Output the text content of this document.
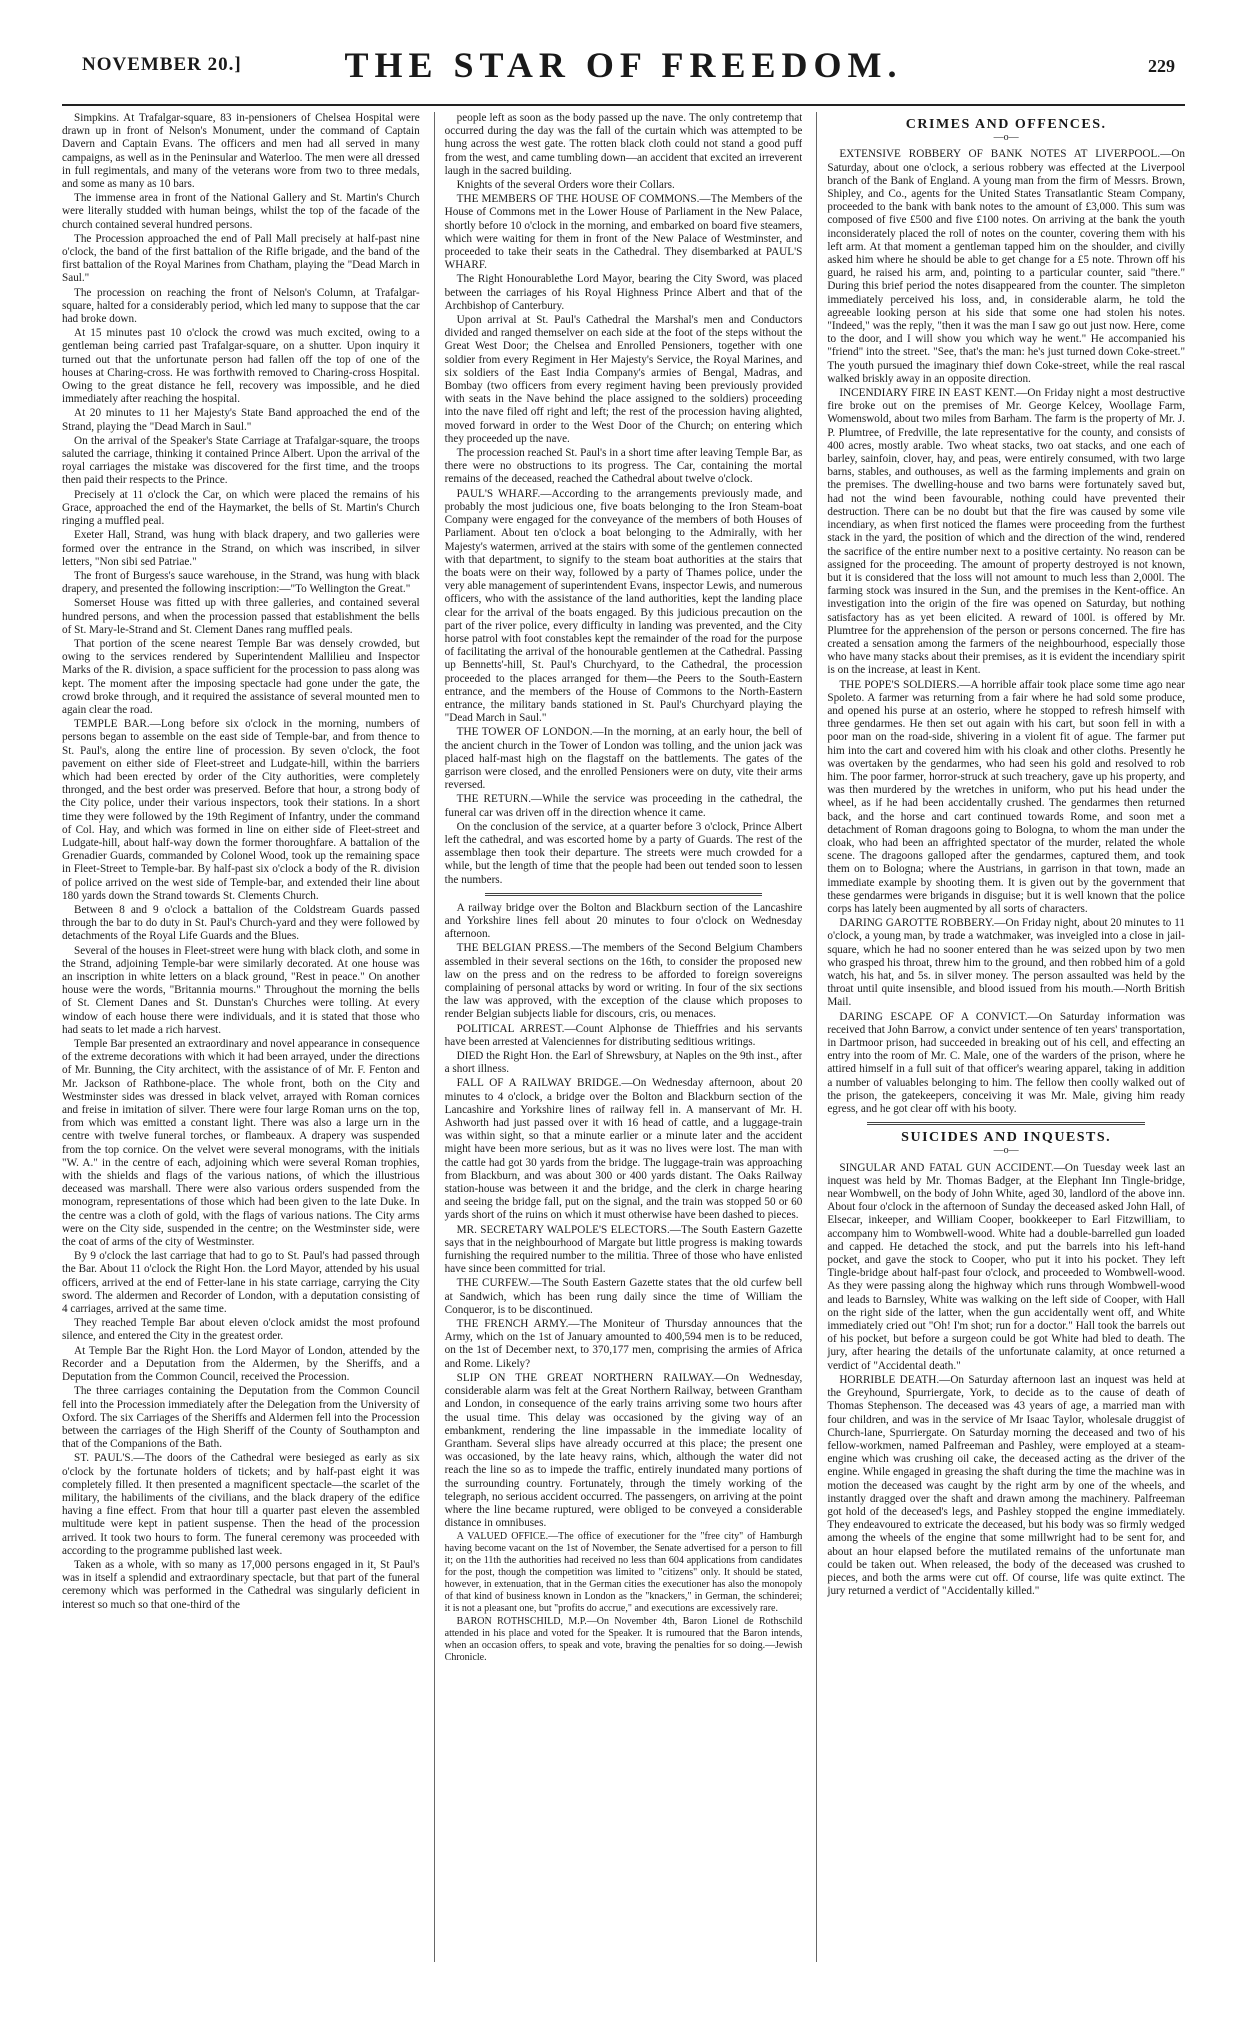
NOVEMBER 20.]	THE STAR OF FREEDOM.	229

Simpkins. At Trafalgar-square, 83 in-pensioners of Chelsea Hospital were drawn up in front of Nelson's Monument, under the command of Captain Davern and Captain Evans. The officers and men had all served in many campaigns, as well as in the Peninsular and Waterloo. The men were all dressed in full regimentals, and many of the veterans wore from two to three medals, and some as many as 10 bars.

The immense area in front of the National Gallery and St. Martin's Church were literally studded with human beings, whilst the top of the facade of the church contained several hundred persons.

The Procession approached the end of Pall Mall precisely at half-past nine o'clock, the band of the first battalion of the Rifle brigade, and the band of the first battalion of the Royal Marines from Chatham, playing the "Dead March in Saul."

The procession on reaching the front of Nelson's Column, at Trafalgar-square, halted for a considerably period, which led many to suppose that the car had broke down.

At 15 minutes past 10 o'clock the crowd was much excited, owing to a gentleman being carried past Trafalgar-square, on a shutter. Upon inquiry it turned out that the unfortunate person had fallen off the top of one of the houses at Charing-cross. He was forthwith removed to Charing-cross Hospital. Owing to the great distance he fell, recovery was impossible, and he died immediately after reaching the hospital.

At 20 minutes to 11 her Majesty's State Band approached the end of the Strand, playing the "Dead March in Saul."

On the arrival of the Speaker's State Carriage at Trafalgar-square, the troops saluted the carriage, thinking it contained Prince Albert. Upon the arrival of the royal carriages the mistake was discovered for the first time, and the troops then paid their respects to the Prince.

Precisely at 11 o'clock the Car, on which were placed the remains of his Grace, approached the end of the Haymarket, the bells of St. Martin's Church ringing a muffled peal.

Exeter Hall, Strand, was hung with black drapery, and two galleries were formed over the entrance in the Strand, on which was inscribed, in silver letters, "Non sibi sed Patriae."

The front of Burgess's sauce warehouse, in the Strand, was hung with black drapery, and presented the following inscription:—"To Wellington the Great."

Somerset House was fitted up with three galleries, and contained several hundred persons, and when the procession passed that establishment the bells of St. Mary-le-Strand and St. Clement Danes rang muffled peals.

That portion of the scene nearest Temple Bar was densely crowded, but owing to the services rendered by Superintendent Mallilieu and Inspector Marks of the R. division, a space sufficient for the procession to pass along was kept. The moment after the imposing spectacle had gone under the gate, the crowd broke through, and it required the assistance of several mounted men to again clear the road.

TEMPLE BAR.—Long before six o'clock in the morning, numbers of persons began to assemble on the east side of Temple-bar, and from thence to St. Paul's, along the entire line of procession. By seven o'clock, the foot pavement on either side of Fleet-street and Ludgate-hill, within the barriers which had been erected by order of the City authorities, were completely thronged, and the best order was preserved. Before that hour, a strong body of the City police, under their various inspectors, took their stations. In a short time they were followed by the 19th Regiment of Infantry, under the command of Col. Hay, and which was formed in line on either side of Fleet-street and Ludgate-hill, about half-way down the former thoroughfare. A battalion of the Grenadier Guards, commanded by Colonel Wood, took up the remaining space in Fleet-Street to Temple-bar. By half-past six o'clock a body of the R. division of police arrived on the west side of Temple-bar, and extended their line about 180 yards down the Strand towards St. Clements Church.

Between 8 and 9 o'clock a battalion of the Coldstream Guards passed through the bar to do duty in St. Paul's Church-yard and they were followed by detachments of the Royal Life Guards and the Blues.

Several of the houses in Fleet-street were hung with black cloth, and some in the Strand, adjoining Temple-bar were similarly decorated. At one house was an inscription in white letters on a black ground, "Rest in peace." On another house were the words, "Britannia mourns." Throughout the morning the bells of St. Clement Danes and St. Dunstan's Churches were tolling. At every window of each house there were individuals, and it is stated that those who had seats to let made a rich harvest.

Temple Bar presented an extraordinary and novel appearance in consequence of the extreme decorations with which it had been arrayed, under the directions of Mr. Bunning, the City architect, with the assistance of of Mr. F. Fenton and Mr. Jackson of Rathbone-place. The whole front, both on the City and Westminster sides was dressed in black velvet, arrayed with Roman cornices and freise in imitation of silver. There were four large Roman urns on the top, from which was emitted a constant light. There was also a large urn in the centre with twelve funeral torches, or flambeaux. A drapery was suspended from the top cornice. On the velvet were several monograms, with the initials "W. A." in the centre of each, adjoining which were several Roman trophies, with the shields and flags of the various nations, of which the illustrious deceased was marshall. There were also various orders suspended from the monogram, representations of those which had been given to the late Duke. In the centre was a cloth of gold, with the flags of various nations. The City arms were on the City side, suspended in the centre; on the Westminster side, were the coat of arms of the city of Westminster.

By 9 o'clock the last carriage that had to go to St. Paul's had passed through the Bar. About 11 o'clock the Right Hon. the Lord Mayor, attended by his usual officers, arrived at the end of Fetter-lane in his state carriage, carrying the City sword. The aldermen and Recorder of London, with a deputation consisting of 4 carriages, arrived at the same time.

They reached Temple Bar about eleven o'clock amidst the most profound silence, and entered the City in the greatest order.

At Temple Bar the Right Hon. the Lord Mayor of London, attended by the Recorder and a Deputation from the Aldermen, by the Sheriffs, and a Deputation from the Common Council, received the Procession.

The three carriages containing the Deputation from the Common Council fell into the Procession immediately after the Delegation from the University of Oxford. The six Carriages of the Sheriffs and Aldermen fell into the Procession between the carriages of the High Sheriff of the County of Southampton and that of the Companions of the Bath.

ST. PAUL'S.—The doors of the Cathedral were besieged as early as six o'clock by the fortunate holders of tickets; and by half-past eight it was completely filled. It then presented a magnificent spectacle—the scarlet of the military, the habiliments of the civilians, and the black drapery of the edifice having a fine effect. From that hour till a quarter past eleven the assembled multitude were kept in patient suspense. Then the head of the procession arrived. It took two hours to form. The funeral ceremony was proceeded with according to the programme published last week.

Taken as a whole, with so many as 17,000 persons engaged in it, St Paul's was in itself a splendid and extraordinary spectacle, but that part of the funeral ceremony which was performed in the Cathedral was singularly deficient in interest so much so that one-third of the

people left as soon as the body passed up the nave. The only contretemp that occurred during the day was the fall of the curtain which was attempted to be hung across the west gate. The rotten black cloth could not stand a good puff from the west, and came tumbling down—an accident that excited an irreverent laugh in the sacred building.

Knights of the several Orders wore their Collars.

THE MEMBERS OF THE HOUSE OF COMMONS.—The Members of the House of Commons met in the Lower House of Parliament in the New Palace, shortly before 10 o'clock in the morning, and embarked on board five steamers, which were waiting for them in front of the New Palace of Westminster, and proceeded to take their seats in the Cathedral. They disembarked at PAUL'S WHARF.

The Right Honourablethe Lord Mayor, bearing the City Sword, was placed between the carriages of his Royal Highness Prince Albert and that of the Archbishop of Canterbury.

Upon arrival at St. Paul's Cathedral the Marshal's men and Conductors divided and ranged themselver on each side at the foot of the steps without the Great West Door; the Chelsea and Enrolled Pensioners, together with one soldier from every Regiment in Her Majesty's Service, the Royal Marines, and six soldiers of the East India Company's armies of Bengal, Madras, and Bombay (two officers from every regiment having been previously provided with seats in the Nave behind the place assigned to the soldiers) proceeding into the nave filed off right and left; the rest of the procession having alighted, moved forward in order to the West Door of the Church; on entering which they proceeded up the nave.

The procession reached St. Paul's in a short time after leaving Temple Bar, as there were no obstructions to its progress. The Car, containing the mortal remains of the deceased, reached the Cathedral about twelve o'clock.

PAUL'S WHARF.—According to the arrangements previously made, and probably the most judicious one, five boats belonging to the Iron Steam-boat Company were engaged for the conveyance of the members of both Houses of Parliament. About ten o'clock a boat belonging to the Admirally, with her Majesty's watermen, arrived at the stairs with some of the gentlemen connected with that department, to signify to the steam boat authorities at the stairs that the boats were on their way, followed by a party of Thames police, under the very able management of superintendent Evans, inspector Lewis, and numerous officers, who with the assistance of the land authorities, kept the landing place clear for the arrival of the boats engaged. By this judicious precaution on the part of the river police, every difficulty in landing was prevented, and the City horse patrol with foot constables kept the remainder of the road for the purpose of facilitating the arrival of the honourable gentlemen at the Cathedral. Passing up Bennetts'-hill, St. Paul's Churchyard, to the Cathedral, the procession proceeded to the places arranged for them—the Peers to the South-Eastern entrance, and the members of the House of Commons to the North-Eastern entrance, the military bands stationed in St. Paul's Churchyard playing the "Dead March in Saul."

THE TOWER OF LONDON.—In the morning, at an early hour, the bell of the ancient church in the Tower of London was tolling, and the union jack was placed half-mast high on the flagstaff on the battlements. The gates of the garrison were closed, and the enrolled Pensioners were on duty, vite their arms reversed.

THE RETURN.—While the service was proceeding in the cathedral, the funeral car was driven off in the direction whence it came.

On the conclusion of the service, at a quarter before 3 o'clock, Prince Albert left the cathedral, and was escorted home by a party of Guards. The rest of the assemblage then took their departure. The streets were much crowded for a while, but the length of time that the people had been out tended soon to lessen the numbers.

A railway bridge over the Bolton and Blackburn section of the Lancashire and Yorkshire lines fell about 20 minutes to four o'clock on Wednesday afternoon.

THE BELGIAN PRESS.—The members of the Second Belgium Chambers assembled in their several sections on the 16th, to consider the proposed new law on the press and on the redress to be afforded to foreign sovereigns complaining of personal attacks by word or writing. In four of the six sections the law was approved, with the exception of the clause which proposes to render Belgian subjects liable for discours, cris, ou menaces.

POLITICAL ARREST.—Count Alphonse de Thieffries and his servants have been arrested at Valenciennes for distributing seditious writings.

DIED the Right Hon. the Earl of Shrewsbury, at Naples on the 9th inst., after a short illness.

FALL OF A RAILWAY BRIDGE.—On Wednesday afternoon, about 20 minutes to 4 o'clock, a bridge over the Bolton and Blackburn section of the Lancashire and Yorkshire lines of railway fell in. A manservant of Mr. H. Ashworth had just passed over it with 16 head of cattle, and a luggage-train was within sight, so that a minute earlier or a minute later and the accident might have been more serious, but as it was no lives were lost. The man with the cattle had got 30 yards from the bridge. The luggage-train was approaching from Blackburn, and was about 300 or 400 yards distant. The Oaks Railway station-house was between it and the bridge, and the clerk in charge hearing and seeing the bridge fall, put on the signal, and the train was stopped 50 or 60 yards short of the ruins on which it must otherwise have been dashed to pieces.

MR. SECRETARY WALPOLE'S ELECTORS.—The South Eastern Gazette says that in the neighbourhood of Margate but little progress is making towards furnishing the required number to the militia. Three of those who have enlisted have since been committed for trial.

THE CURFEW.—The South Eastern Gazette states that the old curfew bell at Sandwich, which has been rung daily since the time of William the Conqueror, is to be discontinued.

THE FRENCH ARMY.—The Moniteur of Thursday announces that the Army, which on the 1st of January amounted to 400,594 men is to be reduced, on the 1st of December next, to 370,177 men, comprising the armies of Africa and Rome. Likely?

SLIP ON THE GREAT NORTHERN RAILWAY.—On Wednesday, considerable alarm was felt at the Great Northern Railway, between Grantham and London, in consequence of the early trains arriving some two hours after the usual time. This delay was occasioned by the giving way of an embankment, rendering the line impassable in the immediate locality of Grantham. Several slips have already occurred at this place; the present one was occasioned, by the late heavy rains, which, although the water did not reach the line so as to impede the traffic, entirely inundated many portions of the surrounding country. Fortunately, through the timely working of the telegraph, no serious accident occurred. The passengers, on arriving at the point where the line became ruptured, were obliged to be conveyed a considerable distance in omnibuses.

A VALUED OFFICE.—The office of executioner for the "free city" of Hamburgh having become vacant on the 1st of November, the Senate advertised for a person to fill it; on the 11th the authorities had received no less than 604 applications from candidates for the post, though the competition was limited to "citizens" only. It should be stated, however, in extenuation, that in the German cities the executioner has also the monopoly of that kind of business known in London as the "knackers," in German, the schinderei; it is not a pleasant one, but "profits do accrue," and executions are excessively rare.

BARON ROTHSCHILD, M.P.—On November 4th, Baron Lionel de Rothschild attended in his place and voted for the Speaker. It is rumoured that the Baron intends, when an occasion offers, to speak and vote, braving the penalties for so doing.—Jewish Chronicle.

CRIMES AND OFFENCES.
—o—

EXTENSIVE ROBBERY OF BANK NOTES AT LIVERPOOL.—On Saturday, about one o'clock, a serious robbery was effected at the Liverpool branch of the Bank of England. A young man from the firm of Messrs. Brown, Shipley, and Co., agents for the United States Transatlantic Steam Company, proceeded to the bank with bank notes to the amount of £3,000. This sum was composed of five £500 and five £100 notes. On arriving at the bank the youth inconsiderately placed the roll of notes on the counter, covering them with his left arm. At that moment a gentleman tapped him on the shoulder, and civilly asked him where he should be able to get change for a £5 note. Thrown off his guard, he raised his arm, and, pointing to a particular counter, said "there." During this brief period the notes disappeared from the counter. The simpleton immediately perceived his loss, and, in considerable alarm, he told the agreeable looking person at his side that some one had stolen his notes. "Indeed," was the reply, "then it was the man I saw go out just now. Here, come to the door, and I will show you which way he went." He accompanied his "friend" into the street. "See, that's the man: he's just turned down Coke-street." The youth pursued the imaginary thief down Coke-street, while the real rascal walked briskly away in an opposite direction.

INCENDIARY FIRE IN EAST KENT.—On Friday night a most destructive fire broke out on the premises of Mr. George Kelcey, Woollage Farm, Womenswold, about two miles from Barham. The farm is the property of Mr. J. P. Plumtree, of Fredville, the late representative for the county, and consists of 400 acres, mostly arable. Two wheat stacks, two oat stacks, and one each of barley, sainfoin, clover, hay, and peas, were entirely consumed, with two large barns, stables, and outhouses, as well as the farming implements and grain on the premises. The dwelling-house and two barns were fortunately saved but, had not the wind been favourable, nothing could have prevented their destruction. There can be no doubt but that the fire was caused by some vile incendiary, as when first noticed the flames were proceeding from the furthest stack in the yard, the position of which and the direction of the wind, rendered the sacrifice of the entire number next to a positive certainty. No reason can be assigned for the proceeding. The amount of property destroyed is not known, but it is considered that the loss will not amount to much less than 2,000l. The farming stock was insured in the Sun, and the premises in the Kent-office. An investigation into the origin of the fire was opened on Saturday, but nothing satisfactory has as yet been elicited. A reward of 100l. is offered by Mr. Plumtree for the apprehension of the person or persons concerned. The fire has created a sensation among the farmers of the neighbourhood, especially those who have many stacks about their premises, as it is evident the incendiary spirit is on the increase, at least in Kent.

THE POPE'S SOLDIERS.—A horrible affair took place some time ago near Spoleto. A farmer was returning from a fair where he had sold some produce, and opened his purse at an osterio, where he stopped to refresh himself with three gendarmes. He then set out again with his cart, but soon fell in with a poor man on the road-side, shivering in a violent fit of ague. The farmer put him into the cart and covered him with his cloak and other cloths. Presently he was overtaken by the gendarmes, who had seen his gold and resolved to rob him. The poor farmer, horror-struck at such treachery, gave up his property, and was then murdered by the wretches in uniform, who put his head under the wheel, as if he had been accidentally crushed. The gendarmes then returned back, and the horse and cart continued towards Rome, and soon met a detachment of Roman dragoons going to Bologna, to whom the man under the cloak, who had been an affrighted spectator of the murder, related the whole scene. The dragoons galloped after the gendarmes, captured them, and took them on to Bologna; where the Austrians, in garrison in that town, made an immediate example by shooting them. It is given out by the government that these gendarmes were brigands in disguise; but it is well known that the police corps has lately been augmented by all sorts of characters.

DARING GAROTTE ROBBERY.—On Friday night, about 20 minutes to 11 o'clock, a young man, by trade a watchmaker, was inveigled into a close in jail-square, which he had no sooner entered than he was seized upon by two men who grasped his throat, threw him to the ground, and then robbed him of a gold watch, his hat, and 5s. in silver money. The person assaulted was held by the throat until quite insensible, and blood issued from his mouth.—North British Mail.

DARING ESCAPE OF A CONVICT.—On Saturday information was received that John Barrow, a convict under sentence of ten years' transportation, in Dartmoor prison, had succeeded in breaking out of his cell, and effecting an entry into the room of Mr. C. Male, one of the warders of the prison, where he attired himself in a full suit of that officer's wearing apparel, taking in addition a number of valuables belonging to him. The fellow then coolly walked out of the prison, the gatekeepers, conceiving it was Mr. Male, giving him ready egress, and he got clear off with his booty.

SUICIDES AND INQUESTS.
—o—

SINGULAR AND FATAL GUN ACCIDENT.—On Tuesday week last an inquest was held by Mr. Thomas Badger, at the Elephant Inn Tingle-bridge, near Wombwell, on the body of John White, aged 30, landlord of the above inn. About four o'clock in the afternoon of Sunday the deceased asked John Hall, of Elsecar, inkeeper, and William Cooper, bookkeeper to Earl Fitzwilliam, to accompany him to Wombwell-wood. White had a double-barrelled gun loaded and capped. He detached the stock, and put the barrels into his left-hand pocket, and gave the stock to Cooper, who put it into his pocket. They left Tingle-bridge about half-past four o'clock, and proceeded to Wombwell-wood. As they were passing along the highway which runs through Wombwell-wood and leads to Barnsley, White was walking on the left side of Cooper, with Hall on the right side of the latter, when the gun accidentally went off, and White immediately cried out "Oh! I'm shot; run for a doctor." Hall took the barrels out of his pocket, but before a surgeon could be got White had bled to death. The jury, after hearing the details of the unfortunate calamity, at once returned a verdict of "Accidental death."

HORRIBLE DEATH.—On Saturday afternoon last an inquest was held at the Greyhound, Spurriergate, York, to decide as to the cause of death of Thomas Stephenson. The deceased was 43 years of age, a married man with four children, and was in the service of Mr Isaac Taylor, wholesale druggist of Church-lane, Spurriergate. On Saturday morning the deceased and two of his fellow-workmen, named Palfreeman and Pashley, were employed at a steam-engine which was crushing oil cake, the deceased acting as the driver of the engine. While engaged in greasing the shaft during the time the machine was in motion the deceased was caught by the right arm by one of the wheels, and instantly dragged over the shaft and drawn among the machinery. Palfreeman got hold of the deceased's legs, and Pashley stopped the engine immediately. They endeavoured to extricate the deceased, but his body was so firmly wedged among the wheels of the engine that some millwright had to be sent for, and about an hour elapsed before the mutilated remains of the unfortunate man could be taken out. When released, the body of the deceased was crushed to pieces, and both the arms were cut off. Of course, life was quite extinct. The jury returned a verdict of "Accidentally killed."
